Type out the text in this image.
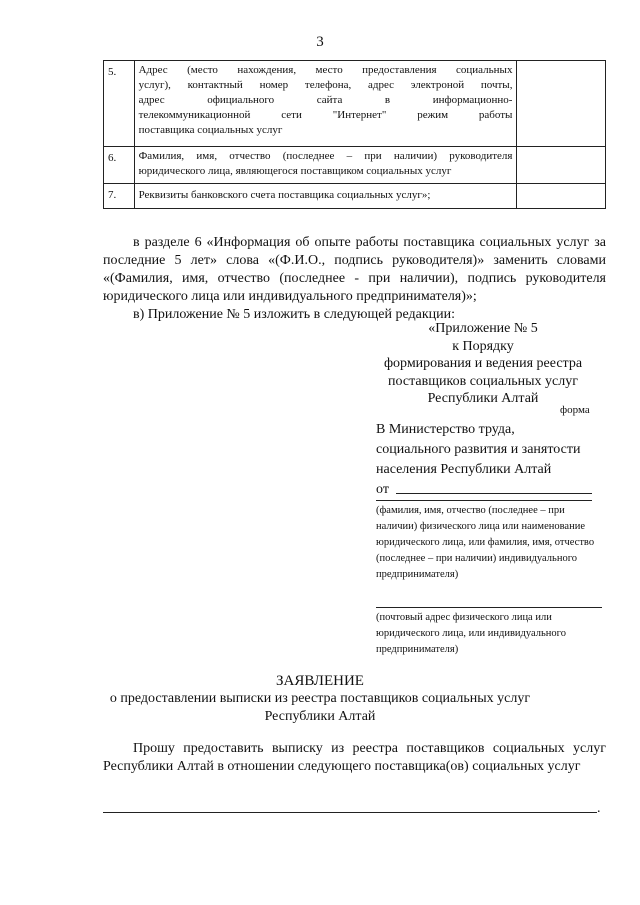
3
5.	Адрес (место нахождения, место предоставления социальных
услуг), контактный номер телефона, адрес электроной почты,
адрес официального сайта в информационно-
телекоммуникационной сети "Интернет" режим работы
поставщика социальных услуг	
6.	Фамилия, имя, отчество (последнее – при наличии) руководителя
юридического лица, являющегося поставщиком социальных услуг	
7.	Реквизиты банковского счета поставщика социальных услуг»;	
в разделе 6 «Информация об опыте работы поставщика социальных услуг за последние 5 лет» слова «(Ф.И.О., подпись руководителя)» заменить словами «(Фамилия, имя, отчество (последнее - при наличии), подпись руководителя юридического лица или индивидуального предпринимателя)»;
в) Приложение № 5 изложить в следующей редакции:
«Приложение № 5
к Порядку
формирования и ведения реестра
поставщиков социальных услуг
Республики Алтай
форма
В Министерство труда,
социального развития и занятости
населения Республики Алтай
от
(фамилия, имя, отчество (последнее – при наличии) физического лица или наименование юридического лица, или фамилия, имя, отчество (последнее – при наличии) индивидуального предпринимателя)
(почтовый адрес физического лица или юридического лица, или индивидуального предпринимателя)
ЗАЯВЛЕНИЕ
о предоставлении выписки из реестра поставщиков социальных услуг
Республики Алтай
Прошу предоставить выписку из реестра поставщиков социальных услуг Республики Алтай в отношении следующего поставщика(ов) социальных услуг
.
